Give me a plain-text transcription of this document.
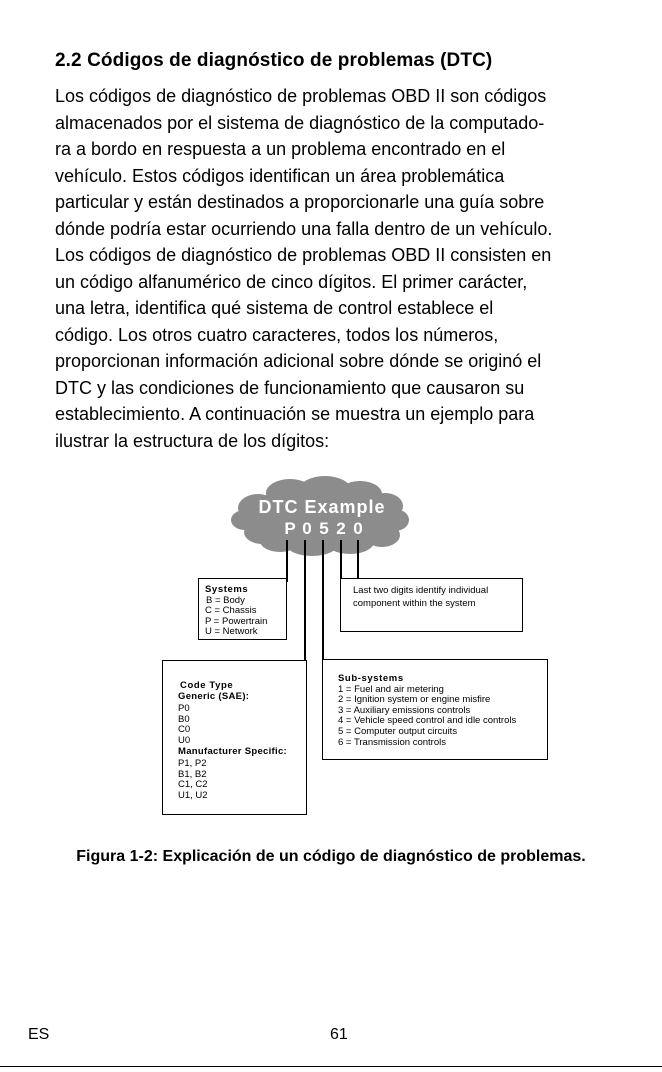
2.2 Códigos de diagnóstico de problemas (DTC)
Los códigos de diagnóstico de problemas OBD II son códigos
almacenados por el sistema de diagnóstico de la computado-
ra a bordo en respuesta a un problema encontrado en el
vehículo. Estos códigos identifican un área problemática
particular y están destinados a proporcionarle una guía sobre
dónde podría estar ocurriendo una falla dentro de un vehículo.
Los códigos de diagnóstico de problemas OBD II consisten en
un código alfanumérico de cinco dígitos. El primer carácter,
una letra, identifica qué sistema de control establece el
código. Los otros cuatro caracteres, todos los números,
proporcionan información adicional sobre dónde se originó el
DTC y las condiciones de funcionamiento que causaron su
establecimiento. A continuación se muestra un ejemplo para
ilustrar la estructura de los dígitos:
DTC Example
P 0 5 2 0
Systems
B = Body
C = Chassis
P = Powertrain
U = Network
Last two digits identify individual
component within the system
Code Type
Generic (SAE):
P0
B0
C0
U0
Manufacturer Specific:
P1, P2
B1, B2
C1, C2
U1, U2
Sub-systems
1 = Fuel and air metering
2 = Ignition system or engine misfire
3 = Auxiliary emissions controls
4 = Vehicle speed control and idle controls
5 = Computer output circuits
6 = Transmission controls
Figura 1-2: Explicación de un código de diagnóstico de problemas.
ES	61
